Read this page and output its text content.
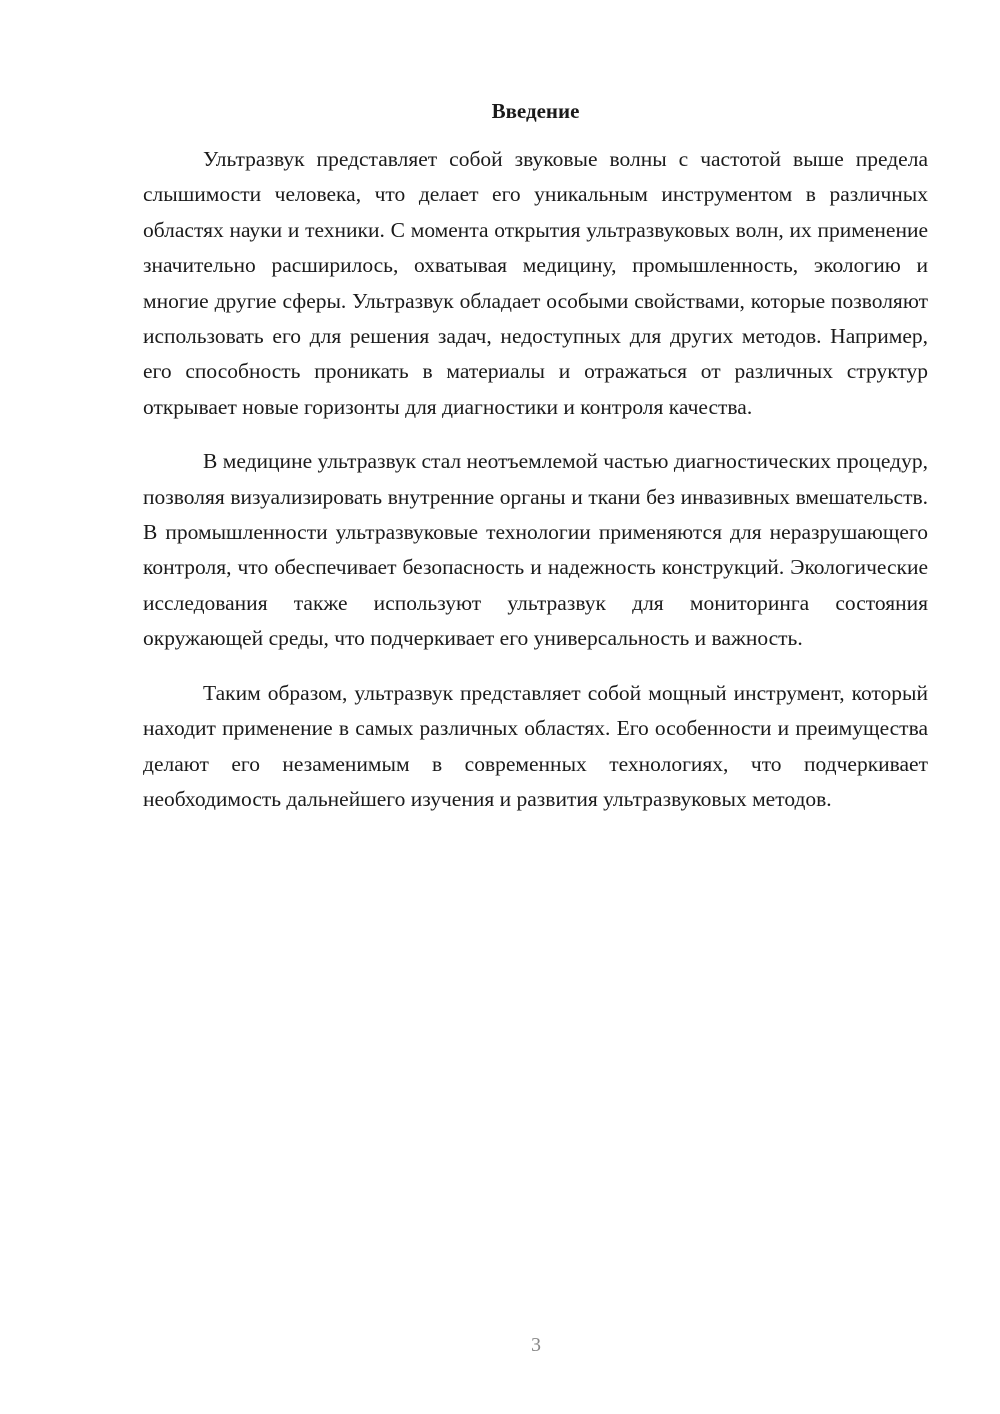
Введение

Ультразвук представляет собой звуковые волны с частотой выше предела слышимости человека, что делает его уникальным инструментом в различных областях науки и техники. С момента открытия ультразвуковых волн, их применение значительно расширилось, охватывая медицину, промышленность, экологию и многие другие сферы. Ультразвук обладает особыми свойствами, которые позволяют использовать его для решения задач, недоступных для других методов. Например, его способность проникать в материалы и отражаться от различных структур открывает новые горизонты для диагностики и контроля качества.

В медицине ультразвук стал неотъемлемой частью диагностических процедур, позволяя визуализировать внутренние органы и ткани без инвазивных вмешательств. В промышленности ультразвуковые технологии применяются для неразрушающего контроля, что обеспечивает безопасность и надежность конструкций. Экологические исследования также используют ультразвук для мониторинга состояния окружающей среды, что подчеркивает его универсальность и важность.

Таким образом, ультразвук представляет собой мощный инструмент, который находит применение в самых различных областях. Его особенности и преимущества делают его незаменимым в современных технологиях, что подчеркивает необходимость дальнейшего изучения и развития ультразвуковых методов.

3
